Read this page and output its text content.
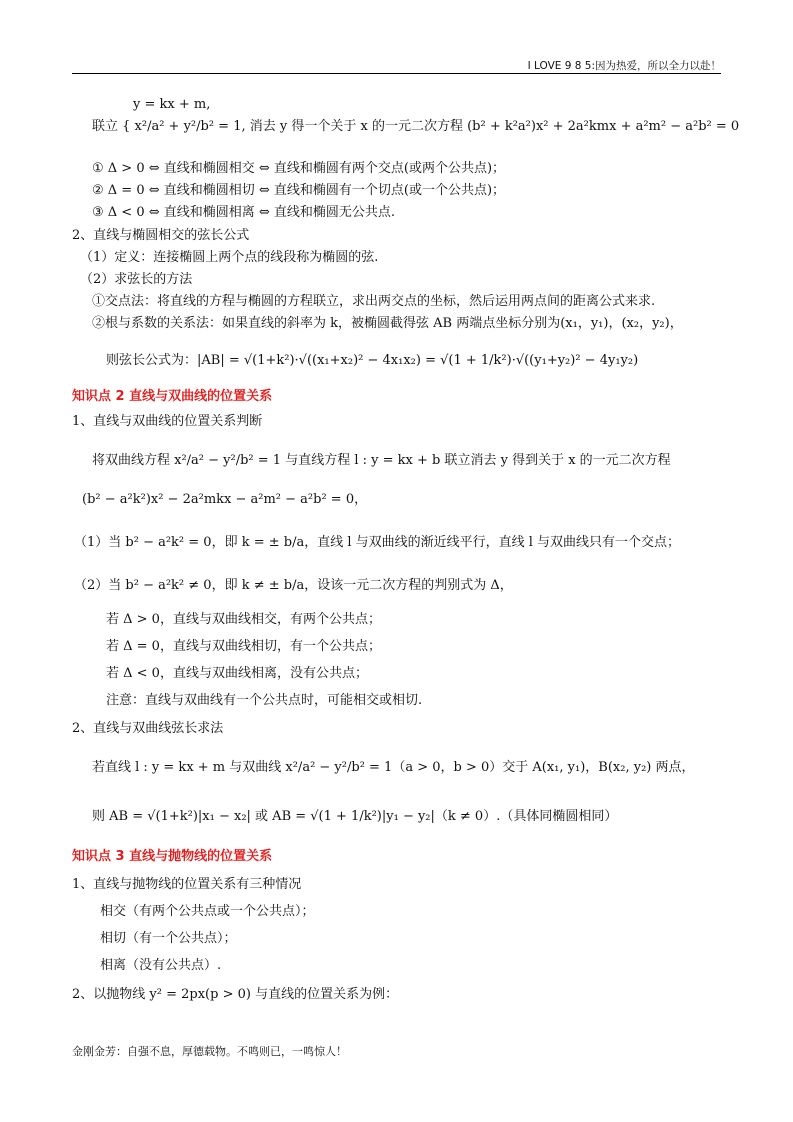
I LOVE 9 8 5:因为热爱，所以全力以赴！
y = kx + m,
联立 { x²/a² + y²/b² = 1, 消去 y 得一个关于 x 的一元二次方程 (b² + k²a²)x² + 2a²kmx + a²m² − a²b² = 0
① Δ > 0 ⇔ 直线和椭圆相交 ⇔ 直线和椭圆有两个交点(或两个公共点)；
② Δ = 0 ⇔ 直线和椭圆相切 ⇔ 直线和椭圆有一个切点(或一个公共点)；
③ Δ < 0 ⇔ 直线和椭圆相离 ⇔ 直线和椭圆无公共点.
2、直线与椭圆相交的弦长公式
（1）定义：连接椭圆上两个点的线段称为椭圆的弦.
（2）求弦长的方法
①交点法：将直线的方程与椭圆的方程联立，求出两交点的坐标，然后运用两点间的距离公式来求.
②根与系数的关系法：如果直线的斜率为 k，被椭圆截得弦 AB 两端点坐标分别为(x₁，y₁)，(x₂，y₂)，
则弦长公式为：|AB| = √(1+k²)·√((x₁+x₂)² − 4x₁x₂) = √(1 + 1/k²)·√((y₁+y₂)² − 4y₁y₂)
知识点 2 直线与双曲线的位置关系
1、直线与双曲线的位置关系判断
将双曲线方程 x²/a² − y²/b² = 1 与直线方程 l : y = kx + b 联立消去 y 得到关于 x 的一元二次方程
(b² − a²k²)x² − 2a²mkx − a²m² − a²b² = 0，
（1）当 b² − a²k² = 0，即 k = ± b/a，直线 l 与双曲线的渐近线平行，直线 l 与双曲线只有一个交点；
（2）当 b² − a²k² ≠ 0，即 k ≠ ± b/a，设该一元二次方程的判别式为 Δ，
若 Δ > 0，直线与双曲线相交，有两个公共点；
若 Δ = 0，直线与双曲线相切，有一个公共点；
若 Δ < 0，直线与双曲线相离，没有公共点；
注意：直线与双曲线有一个公共点时，可能相交或相切.
2、直线与双曲线弦长求法
若直线 l : y = kx + m 与双曲线 x²/a² − y²/b² = 1（a > 0，b > 0）交于 A(x₁, y₁)，B(x₂, y₂) 两点，
则 AB = √(1+k²)|x₁ − x₂| 或 AB = √(1 + 1/k²)|y₁ − y₂|（k ≠ 0）.（具体同椭圆相同）
知识点 3 直线与抛物线的位置关系
1、直线与抛物线的位置关系有三种情况
相交（有两个公共点或一个公共点）；
相切（有一个公共点）；
相离（没有公共点）.
2、以抛物线 y² = 2px(p > 0) 与直线的位置关系为例：
金刚金芳：自强不息，厚德载物。不鸣则已，一鸣惊人！
